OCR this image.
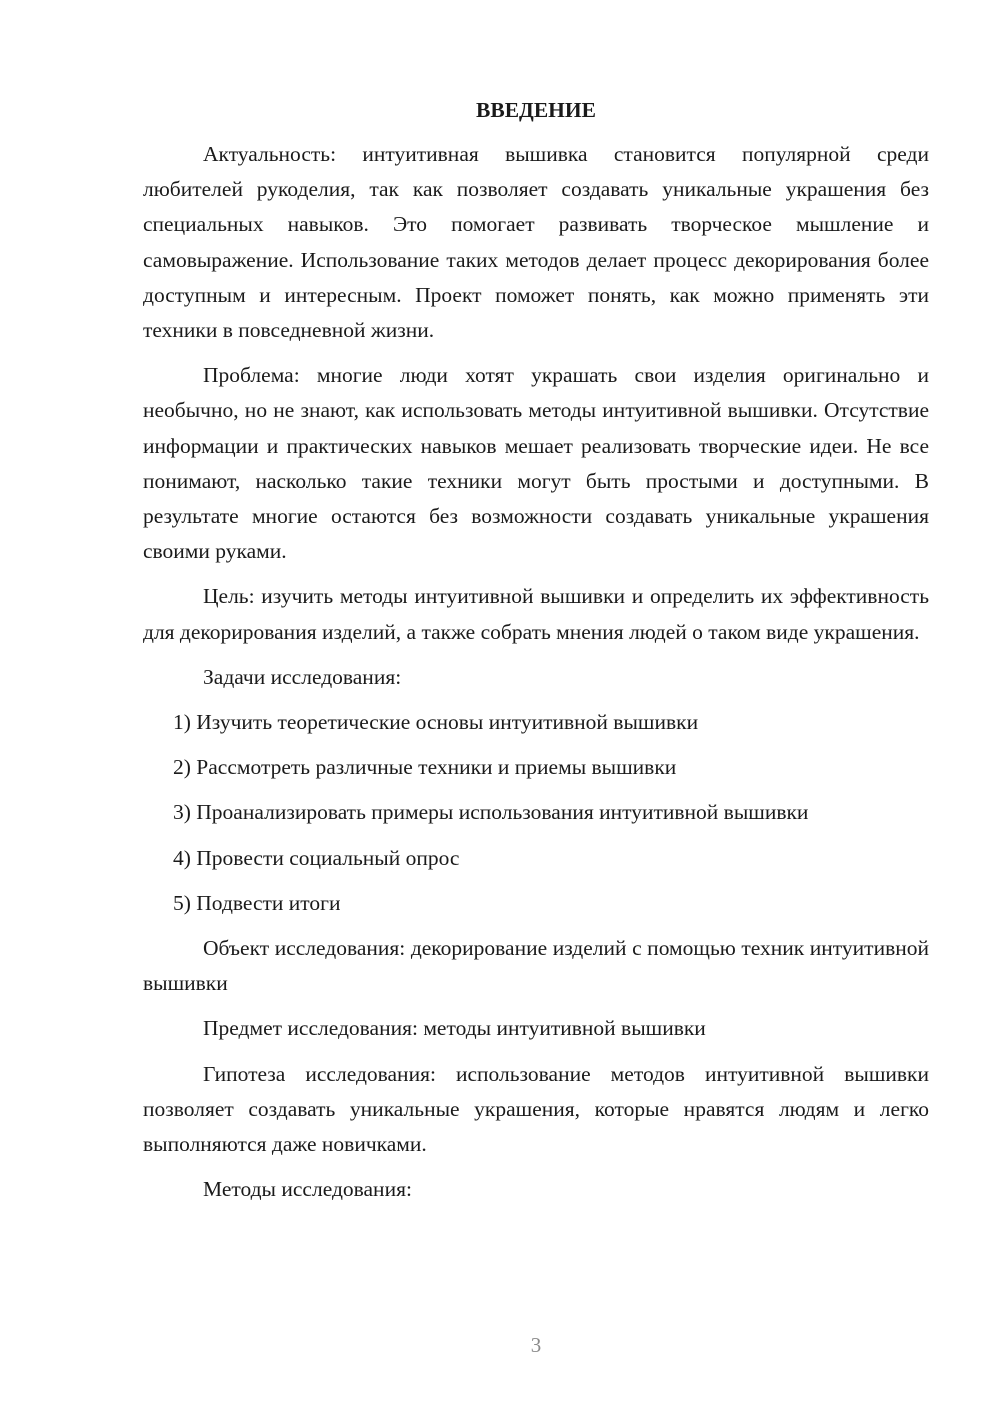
ВВЕДЕНИЕ

Актуальность: интуитивная вышивка становится популярной среди любителей рукоделия, так как позволяет создавать уникальные украшения без специальных навыков. Это помогает развивать творческое мышление и самовыражение. Использование таких методов делает процесс декорирования более доступным и интересным. Проект поможет понять, как можно применять эти техники в повседневной жизни.

Проблема: многие люди хотят украшать свои изделия оригинально и необычно, но не знают, как использовать методы интуитивной вышивки. Отсутствие информации и практических навыков мешает реализовать творческие идеи. Не все понимают, насколько такие техники могут быть простыми и доступными. В результате многие остаются без возможности создавать уникальные украшения своими руками.

Цель: изучить методы интуитивной вышивки и определить их эффективность для декорирования изделий, а также собрать мнения людей о таком виде украшения.

Задачи исследования:

1) Изучить теоретические основы интуитивной вышивки
2) Рассмотреть различные техники и приемы вышивки
3) Проанализировать примеры использования интуитивной вышивки
4) Провести социальный опрос
5) Подвести итоги

Объект исследования: декорирование изделий с помощью техник интуитивной вышивки

Предмет исследования: методы интуитивной вышивки

Гипотеза исследования: использование методов интуитивной вышивки позволяет создавать уникальные украшения, которые нравятся людям и легко выполняются даже новичками.

Методы исследования:

3
